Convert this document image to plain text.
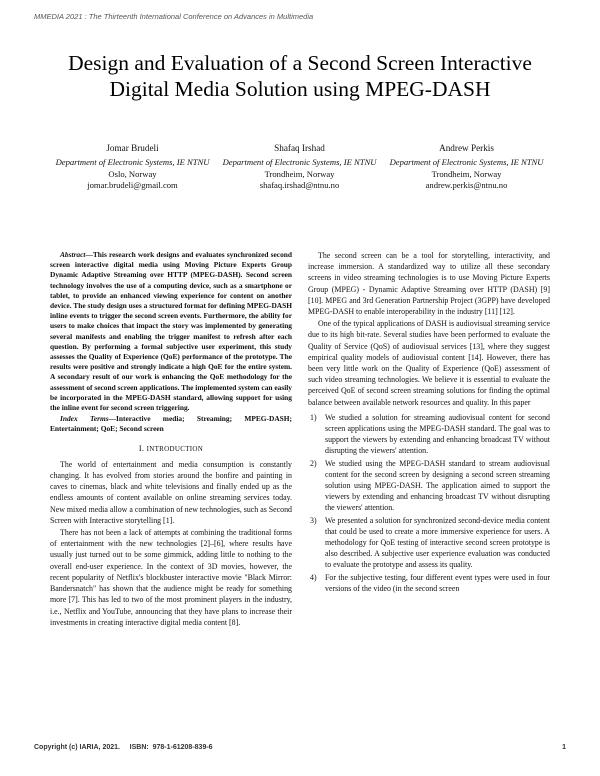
MMEDIA 2021 : The Thirteenth International Conference on Advances in Multimedia
Design and Evaluation of a Second Screen Interactive Digital Media Solution using MPEG-DASH
Jomar Brudeli
Department of Electronic Systems, IE NTNU
Oslo, Norway
jomar.brudeli@gmail.com
Shafaq Irshad
Department of Electronic Systems, IE NTNU
Trondheim, Norway
shafaq.irshad@ntnu.no
Andrew Perkis
Department of Electronic Systems, IE NTNU
Trondheim, Norway
andrew.perkis@ntnu.no

Abstract—This research work designs and evaluates synchronized second screen interactive digital media using Moving Picture Experts Group Dynamic Adaptive Streaming over HTTP (MPEG-DASH). Second screen technology involves the use of a computing device, such as a smartphone or tablet, to provide an enhanced viewing experience for content on another device. The study design uses a structured format for defining MPEG-DASH inline events to trigger the second screen events. Furthermore, the ability for users to make choices that impact the story was implemented by generating several manifests and enabling the trigger manifest to refresh after each question. By performing a formal subjective user experiment, this study assesses the Quality of Experience (QoE) performance of the prototype. The results were positive and strongly indicate a high QoE for the entire system. A secondary result of our work is enhancing the QoE methodology for the assessment of second screen applications. The implemented system can easily be incorporated in the MPEG-DASH standard, allowing support for using the inline event for second screen triggering.

Index Terms—Interactive media; Streaming; MPEG-DASH; Entertainment; QoE; Second screen

I. INTRODUCTION

The world of entertainment and media consumption is constantly changing. It has evolved from stories around the bonfire and painting in caves to cinemas, black and white televisions and finally ended up as the endless amounts of content available on online streaming services today. New mixed media allow a combination of new technologies, such as Second Screen with Interactive storytelling [1].

There has not been a lack of attempts at combining the traditional forms of entertainment with the new technologies [2]–[6], where results have usually just turned out to be some gimmick, adding little to nothing to the overall end-user experience. In the context of 3D movies, however, the recent popularity of Netflix's blockbuster interactive movie "Black Mirror: Bandersnatch" has shown that the audience might be ready for something more [7]. This has led to two of the most prominent players in the industry, i.e., Netflix and YouTube, announcing that they have plans to increase their investments in creating interactive digital media content [8].

The second screen can be a tool for storytelling, interactivity, and increase immersion. A standardized way to utilize all these secondary screens in video streaming technologies is to use Moving Picture Experts Group (MPEG) - Dynamic Adaptive Streaming over HTTP (DASH) [9] [10]. MPEG and 3rd Generation Partnership Project (3GPP) have developed MPEG-DASH to enable interoperability in the industry [11] [12].

One of the typical applications of DASH is audiovisual streaming service due to its high bit-rate. Several studies have been performed to evaluate the Quality of Service (QoS) of audiovisual services [13], where they suggest empirical quality models of audiovisual content [14]. However, there has been very little work on the Quality of Experience (QoE) assessment of such video streaming technologies. We believe it is essential to evaluate the perceived QoE of second screen streaming solutions for finding the optimal balance between available network resources and quality. In this paper

1) We studied a solution for streaming audiovisual content for second screen applications using the MPEG-DASH standard. The goal was to support the viewers by extending and enhancing broadcast TV without disrupting the viewers' attention.
2) We studied using the MPEG-DASH standard to stream audiovisual content for the second screen by designing a second screen streaming solution using MPEG-DASH. The application aimed to support the viewers by extending and enhancing broadcast TV without disrupting the viewers' attention.
3) We presented a solution for synchronized second-device media content that could be used to create a more immersive experience for users. A methodology for QoE testing of interactive second screen prototype is also described. A subjective user experience evaluation was conducted to evaluate the prototype and assess its quality.
4) For the subjective testing, four different event types were used in four versions of the video (in the second screen
Copyright (c) IARIA, 2021.     ISBN:  978-1-61208-839-6	1
